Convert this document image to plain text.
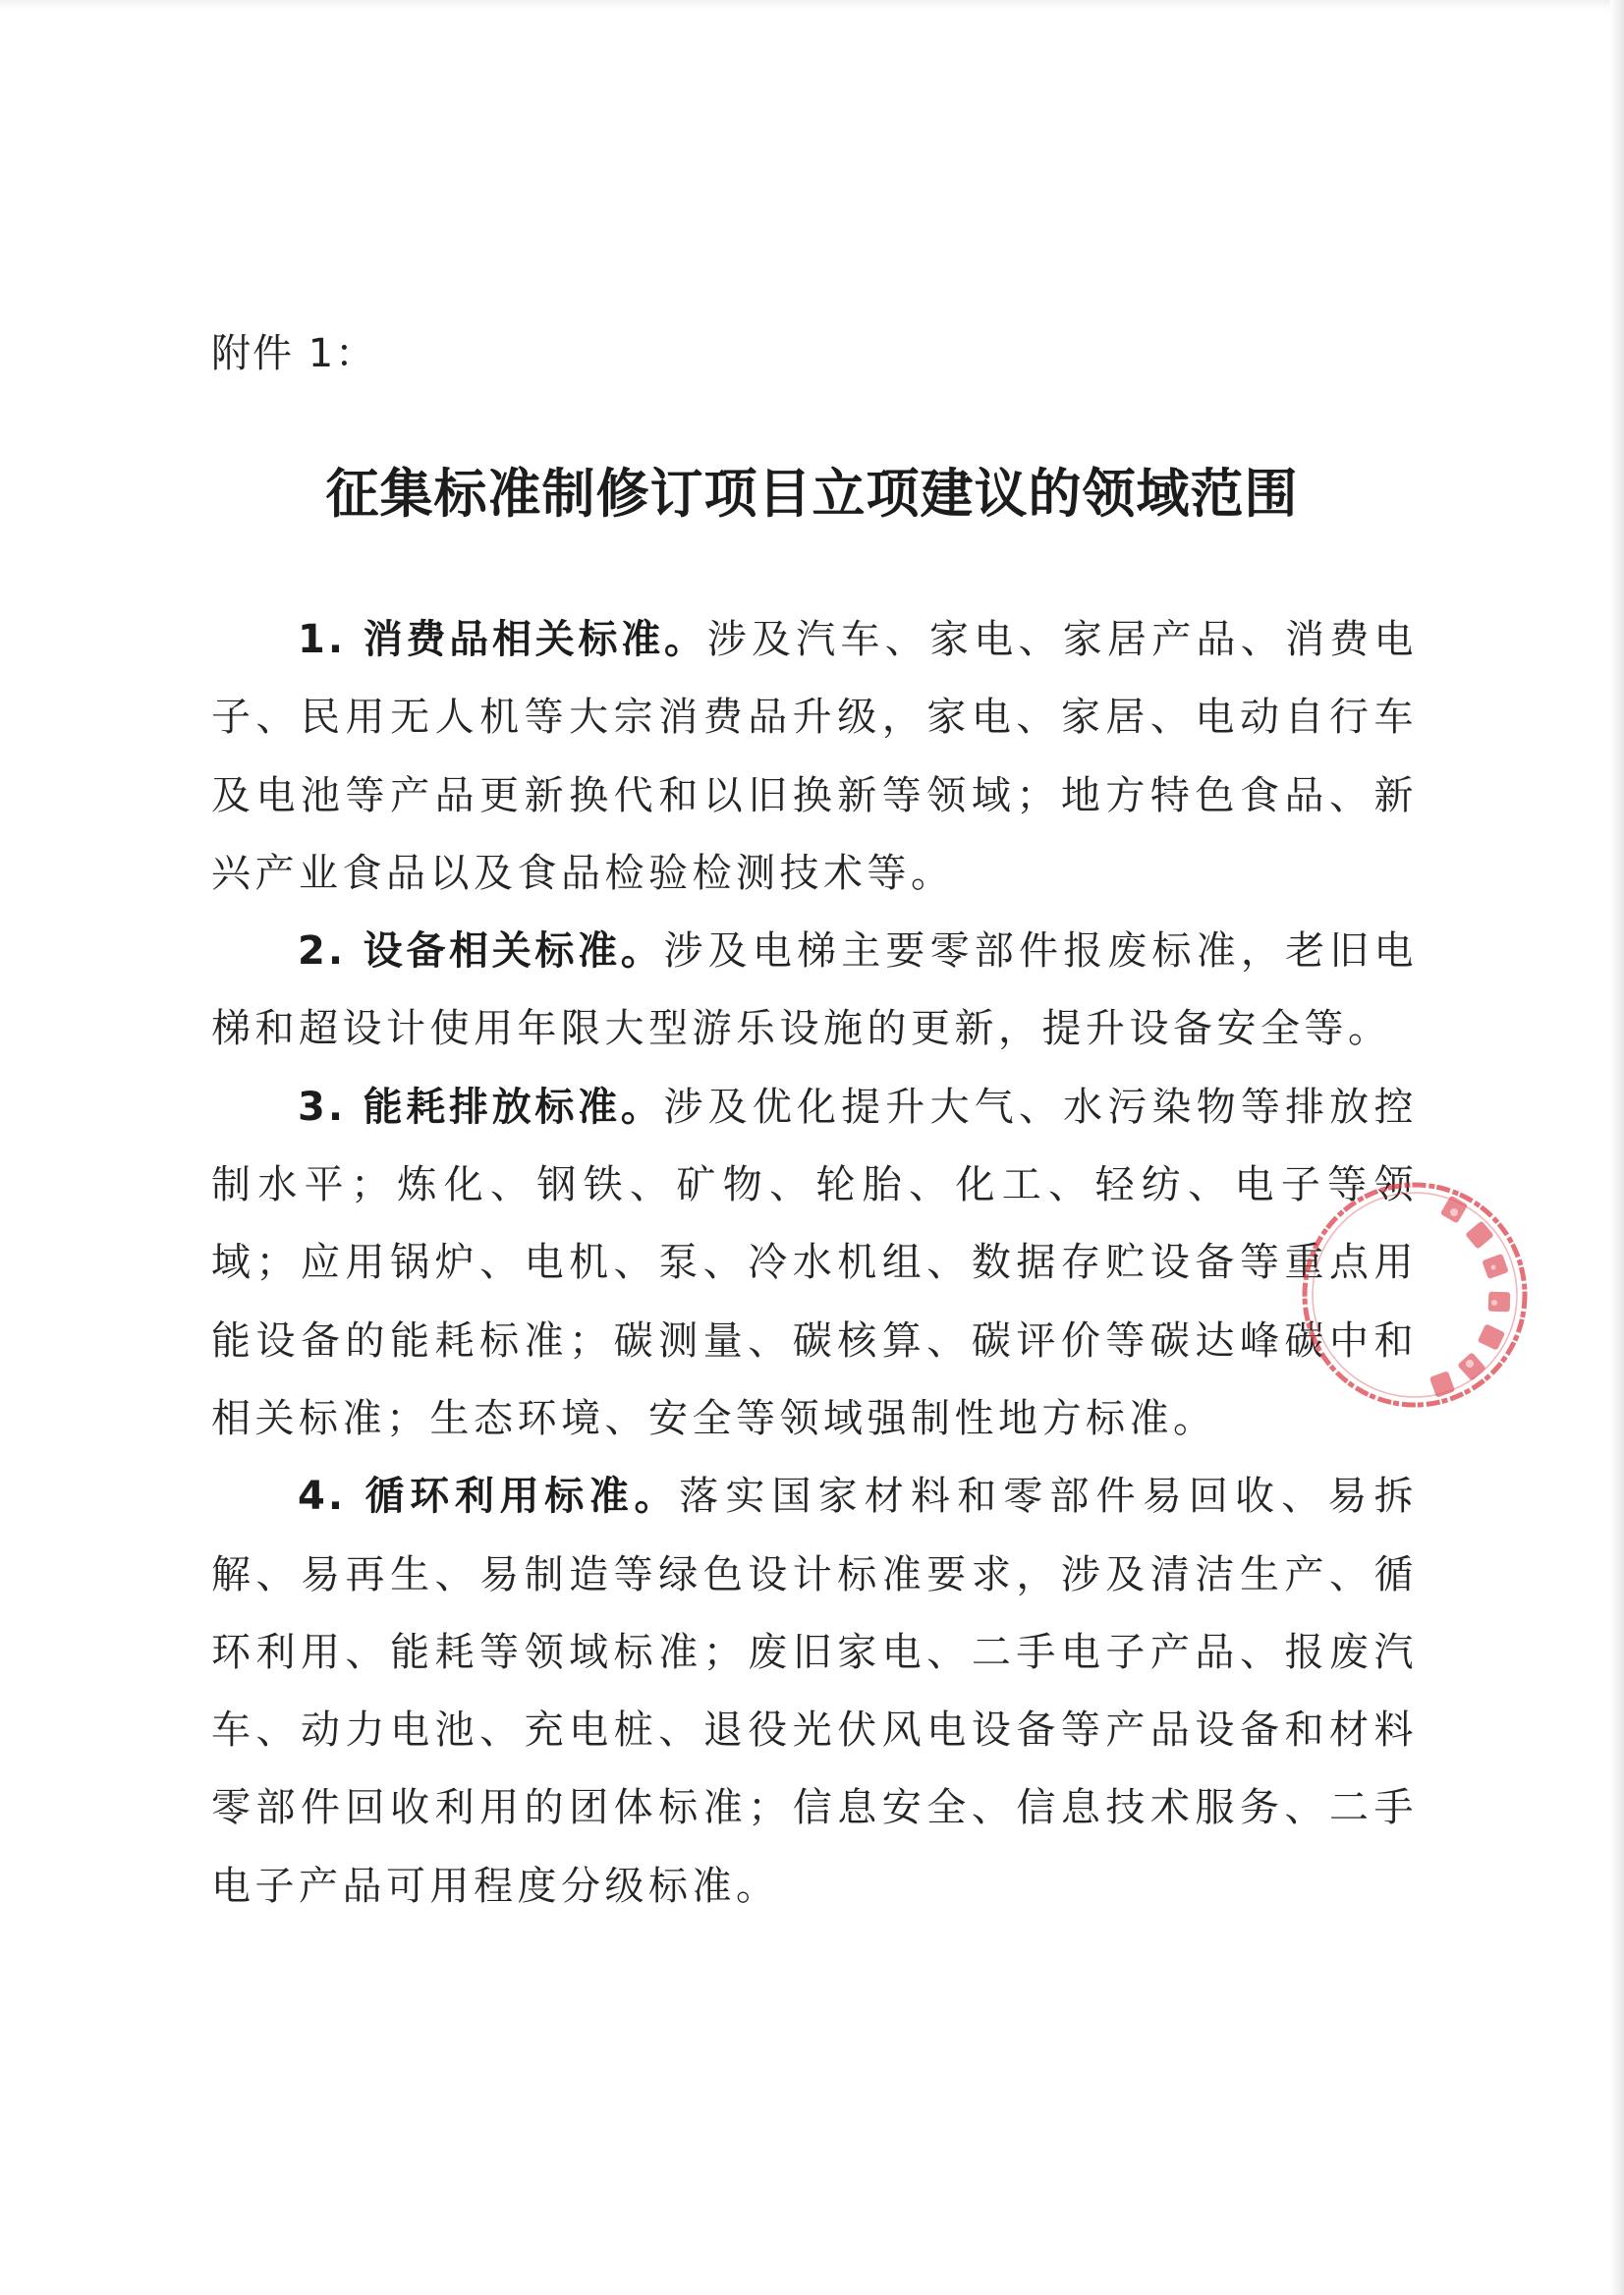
附件 1：
征集标准制修订项目立项建议的领域范围

1. 消费品相关标准。涉及汽车、家电、家居产品、消费电子、民用无人机等大宗消费品升级，家电、家居、电动自行车及电池等产品更新换代和以旧换新等领域；地方特色食品、新兴产业食品以及食品检验检测技术等。

2. 设备相关标准。涉及电梯主要零部件报废标准，老旧电梯和超设计使用年限大型游乐设施的更新，提升设备安全等。

3. 能耗排放标准。涉及优化提升大气、水污染物等排放控制水平；炼化、钢铁、矿物、轮胎、化工、轻纺、电子等领域；应用锅炉、电机、泵、冷水机组、数据存贮设备等重点用能设备的能耗标准；碳测量、碳核算、碳评价等碳达峰碳中和相关标准；生态环境、安全等领域强制性地方标准。

4. 循环利用标准。落实国家材料和零部件易回收、易拆解、易再生、易制造等绿色设计标准要求，涉及清洁生产、循环利用、能耗等领域标准；废旧家电、二手电子产品、报废汽车、动力电池、充电桩、退役光伏风电设备等产品设备和材料零部件回收利用的团体标准；信息安全、信息技术服务、二手电子产品可用程度分级标准。
